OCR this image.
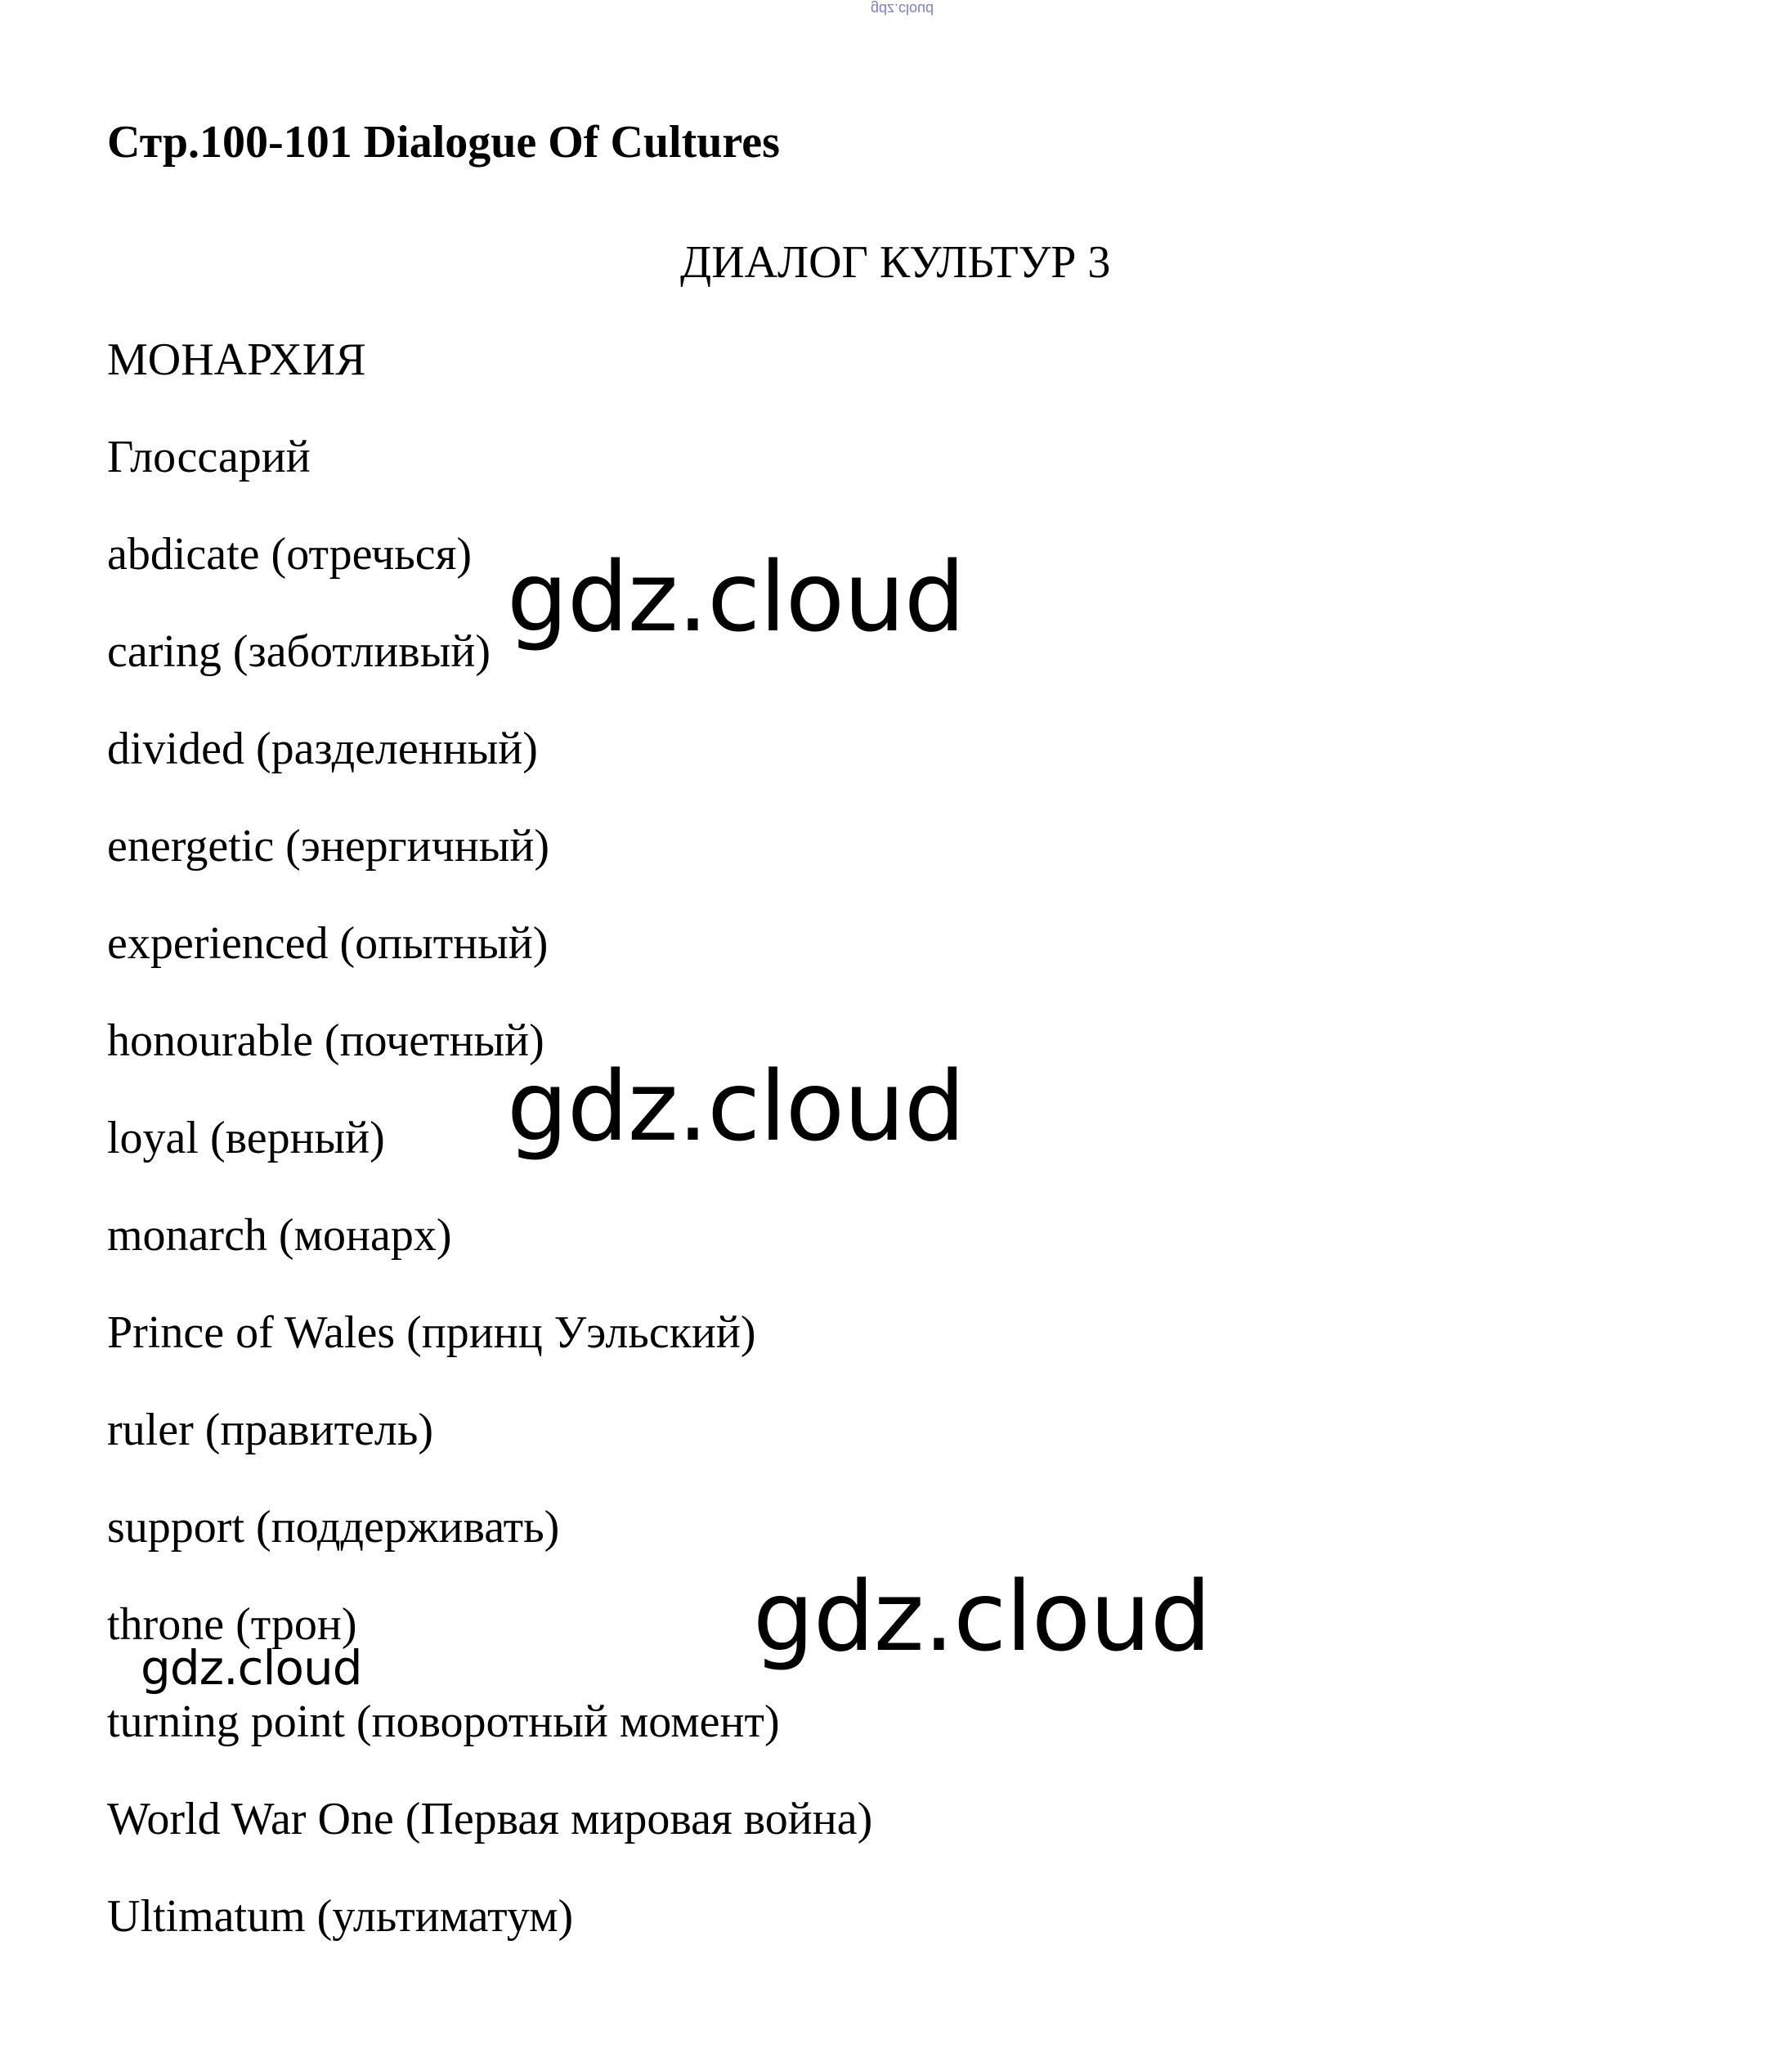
gdz.cloud
Стр.100-101 Dialogue Of Cultures
ДИАЛОГ КУЛЬТУР 3
МОНАРХИЯ
Глоссарий
abdicate (отречься)
caring (заботливый)
divided (разделенный)
energetic (энергичный)
experienced (опытный)
honourable (почетный)
loyal (верный)
monarch (монарх)
Prince of Wales (принц Уэльский)
ruler (правитель)
support (поддерживать)
throne (трон)
turning point (поворотный момент)
World War One (Первая мировая война)
Ultimatum (ультиматум)
gdz.cloud
gdz.cloud
gdz.cloud
gdz.cloud
